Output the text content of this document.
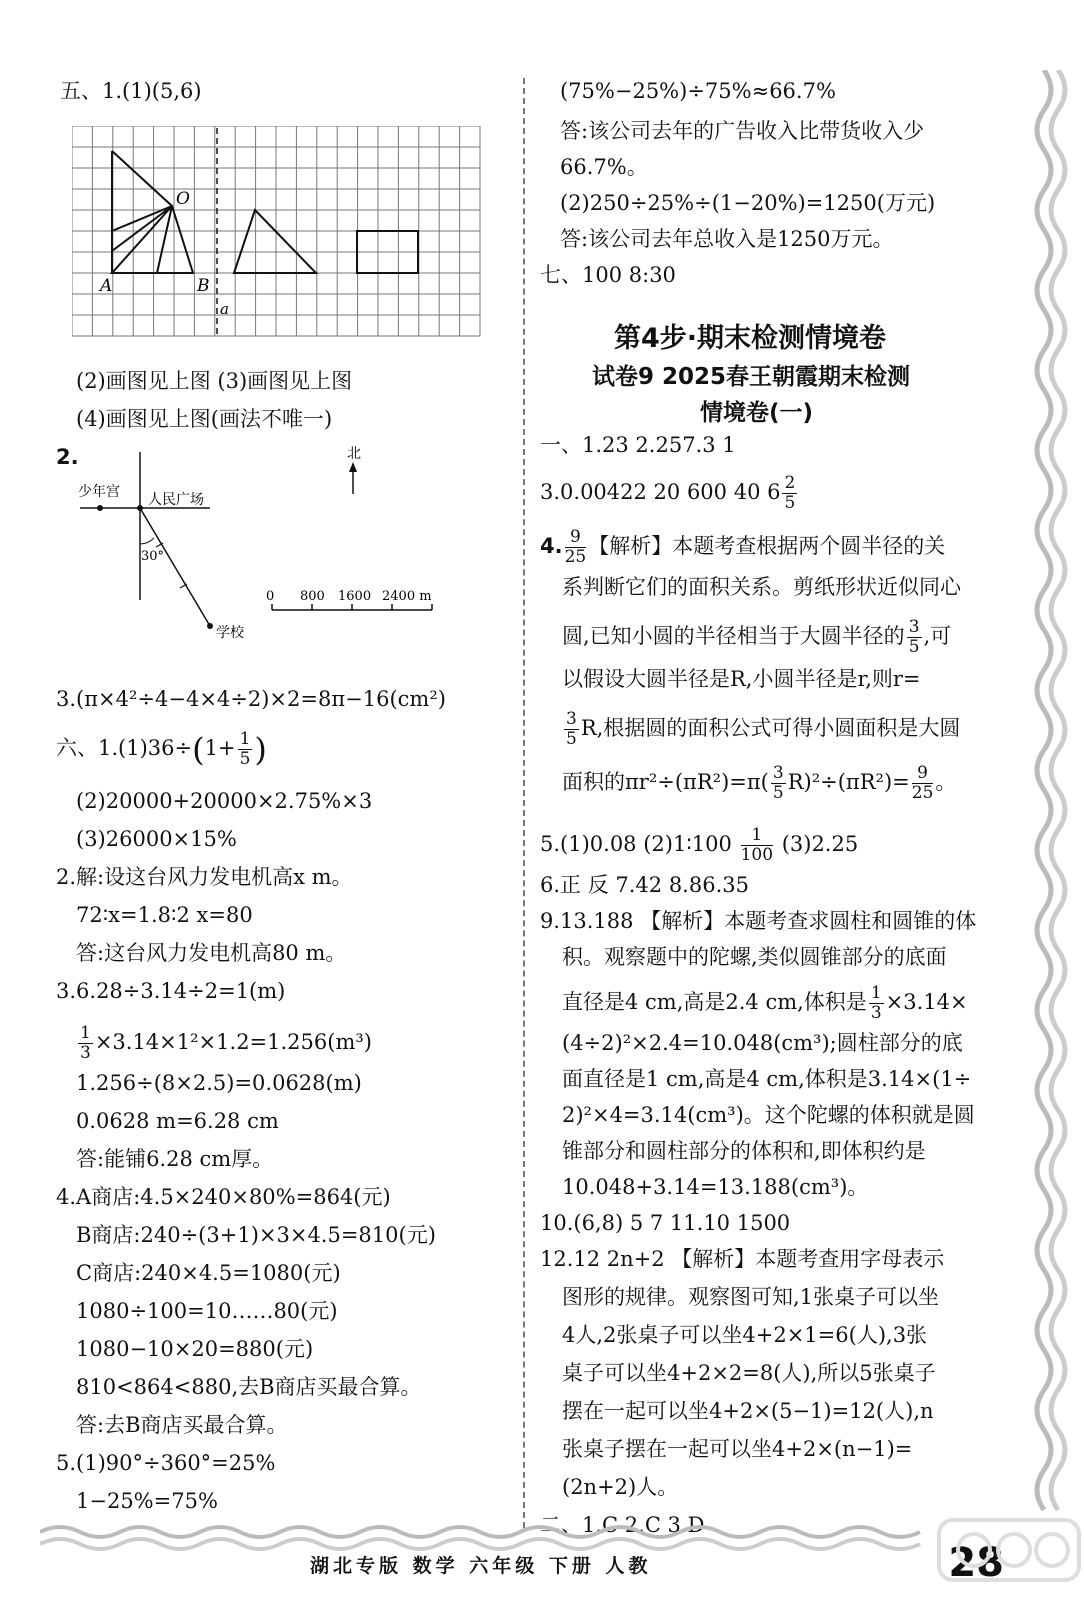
五、1.(1)(5,6)
O
A	B
a
(2)画图见上图 (3)画图见上图
(4)画图见上图(画法不唯一)
2.	北
少年宫 人民广场
30°
学校
0 800 1600 2400 m
3.(π×4²÷4−4×4÷2)×2=8π−16(cm²)
六、$1.(1)36\div(1+ \frac{1}{5}$ )
(2)20000+20000×2.75%×3
(3)26000×15%
2.解:设这台风力发电机高x m。
72∶x=1.8∶2 x=80
答:这台风力发电机高80 m。
3.6.28÷3.14÷2=1(m)
$\frac{1}{3} \times 3.14\times 1^2\times 1.2=1.256(m^3)$
1.256÷(8×2.5)=0.0628(m)
0.0628 m=6.28 cm
答:能铺6.28 cm厚。
4.A商店:4.5×240×80%=864(元)
B商店:240÷(3+1)×3×4.5=810(元)
C商店:240×4.5=1080(元)
1080÷100=10……80(元)
1080−10×20=880(元)
810<864<880,去B商店买最合算。
答:去B商店买最合算。
5.(1)90°÷360°=25%
1−25%=75%
(75%−25%)÷75%≈66.7%
答:该公司去年的广告收入比带货收入少
66.7%。
(2)250÷25%÷(1−20%)=1250(万元)
答:该公司去年总收入是1250万元。
七、100 8:30
第4步·期末检测情境卷
试卷9 2025春王朝霞期末检测
情境卷(一)
一、1.23 2.257.3 1
3.0.00422 20 600 40 $6 \frac{2}{5}$
4. $\frac{9}{25}$ 【解析】本题考查根据两个圆半径的关
系判断它们的面积关系。剪纸形状近似同心
圆,已知小圆的半径相当于大圆半径的 $\frac{3}{5}$ ,可
以假设大圆半径是R,小圆半径是r,则r=
$\frac{3}{5} R$,根据圆的面积公式可得小圆面积是大圆
面积的$\pi r^2\div(\pi R^2)=\pi( \frac{3}{5} R)^2\div(\pi R^2)= \frac{9}{25}$ 。
5.(1)0.08 (2)1∶100 $\frac{1}{100} (3)2.25$
6.正 反 7.42 8.86.35
9.13.188 【解析】本题考查求圆柱和圆锥的体
积。观察题中的陀螺,类似圆锥部分的底面
直径是4 cm,高是2.4 cm,体积是 $\frac{1}{3} \times 3.14\times$
(4÷2)²×2.4=10.048(cm³);圆柱部分的底
面直径是1 cm,高是4 cm,体积是3.14×(1÷
2)²×4=3.14(cm³)。这个陀螺的体积就是圆
锥部分和圆柱部分的体积和,即体积约是
10.048+3.14=13.188(cm³)。
10.(6,8) 5 7 11.10 1500
12.12 2n+2 【解析】本题考查用字母表示
图形的规律。观察图可知,1张桌子可以坐
4人,2张桌子可以坐4+2×1=6(人),3张
桌子可以坐4+2×2=8(人),所以5张桌子
摆在一起可以坐4+2×(5−1)=12(人),n
张桌子摆在一起可以坐4+2×(n−1)=
(2n+2)人。
二、1.C 2.C 3.D
湖北专版 数学 六年级 下册 人教	28
